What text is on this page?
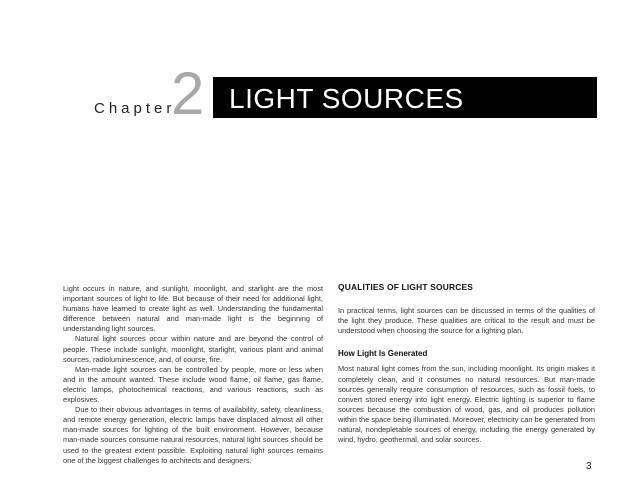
Chapter
2 LIGHT SOURCES

Light occurs in nature, and sunlight, moonlight, and starlight are the most important sources of light to life. But because of their need for additional light, humans have learned to create light as well. Understanding the fundamental difference between natural and man-made light is the beginning of understanding light sources.

Natural light sources occur within nature and are beyond the control of people. These include sunlight, moonlight, starlight, various plant and animal sources, radioluminescence, and, of course, fire.

Man-made light sources can be controlled by people, more or less when and in the amount wanted. These include wood flame, oil flame, gas flame, electric lamps, photochemical reactions, and various reactions, such as explosives.

Due to their obvious advantages in terms of availability, safety, cleanliness, and remote energy generation, electric lamps have displaced almost all other man-made sources for lighting of the built environment. However, because man-made sources consume natural resources, natural light sources should be used to the greatest extent possible. Exploiting natural light sources remains one of the biggest challenges to architects and designers.

QUALITIES OF LIGHT SOURCES

In practical terms, light sources can be discussed in terms of the qualities of the light they produce. These qualities are critical to the result and must be understood when choosing the source for a lighting plan.

How Light Is Generated

Most natural light comes from the sun, including moonlight. Its origin makes it completely clean, and it consumes no natural resources. But man-made sources generally require consumption of resources, such as fossil fuels, to convert stored energy into light energy. Electric lighting is superior to flame sources because the combustion of wood, gas, and oil produces pollution within the space being illuminated. Moreover, electricity can be generated from natural, nondepletable sources of energy, including the energy generated by wind, hydro, geothermal, and solar sources.

3
